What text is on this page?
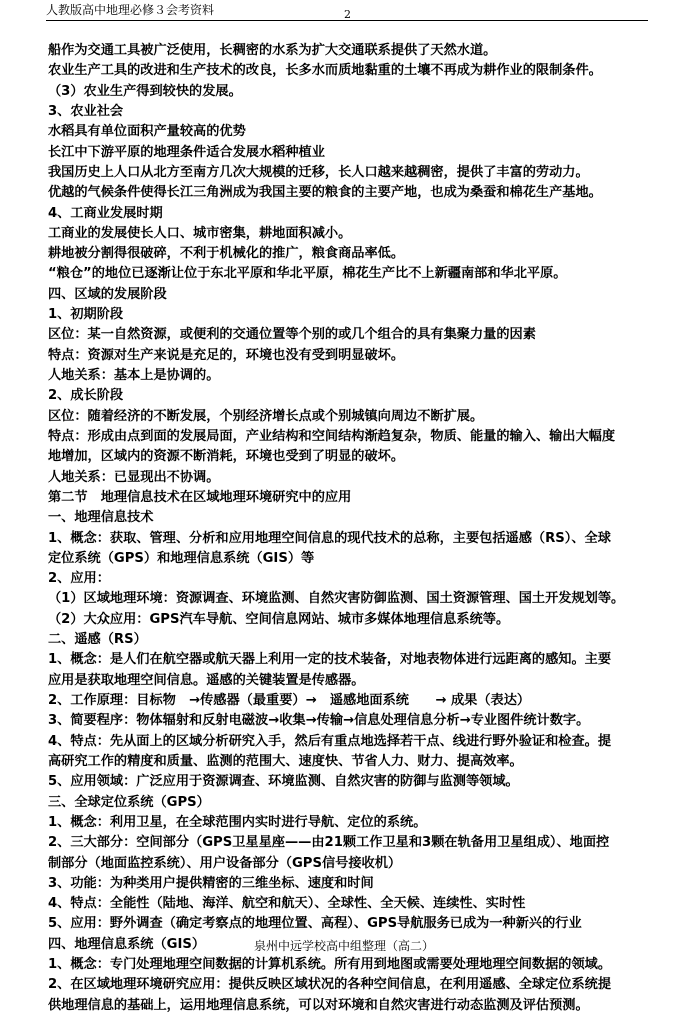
人教版高中地理必修３会考资料	2
船作为交通工具被广泛使用，长稠密的水系为扩大交通联系提供了天然水道。
农业生产工具的改进和生产技术的改良，长多水而质地黏重的土壤不再成为耕作业的限制条件。
（3）农业生产得到较快的发展。
3、农业社会
水稻具有单位面积产量较高的优势
长江中下游平原的地理条件适合发展水稻种植业
我国历史上人口从北方至南方几次大规模的迁移，长人口越来越稠密，提供了丰富的劳动力。
优越的气候条件使得长江三角洲成为我国主要的粮食的主要产地，也成为桑蚕和棉花生产基地。
4、工商业发展时期
工商业的发展使长人口、城市密集，耕地面积减小。
耕地被分割得很破碎，不利于机械化的推广，粮食商品率低。
“粮仓”的地位已逐渐让位于东北平原和华北平原，棉花生产比不上新疆南部和华北平原。
四、区域的发展阶段
1、初期阶段
区位：某一自然资源，或便利的交通位置等个别的或几个组合的具有集聚力量的因素
特点：资源对生产来说是充足的，环境也没有受到明显破坏。
人地关系：基本上是协调的。
2、成长阶段
区位：随着经济的不断发展，个别经济增长点或个别城镇向周边不断扩展。
特点：形成由点到面的发展局面，产业结构和空间结构渐趋复杂，物质、能量的输入、输出大幅度
地增加，区域内的资源不断消耗，环境也受到了明显的破坏。
人地关系：已显现出不协调。
第二节　地理信息技术在区域地理环境研究中的应用
一、地理信息技术
1、概念：获取、管理、分析和应用地理空间信息的现代技术的总称，主要包括遥感（RS）、全球
定位系统（GPS）和地理信息系统（GIS）等
2、应用：
（1）区域地理环境：资源调查、环境监测、自然灾害防御监测、国土资源管理、国土开发规划等。
（2）大众应用：GPS汽车导航、空间信息网站、城市多媒体地理信息系统等。
二、遥感（RS）
1、概念：是人们在航空器或航天器上利用一定的技术装备，对地表物体进行远距离的感知。主要
应用是获取地理空间信息。遥感的关键装置是传感器。
2、工作原理：目标物　→传感器（最重要）→　遥感地面系统　　→ 成果（表达）
3、简要程序：物体辐射和反射电磁波→收集→传输→信息处理信息分析→专业图件统计数字。
4、特点：先从面上的区域分析研究入手，然后有重点地选择若干点、线进行野外验证和检查。提
高研究工作的精度和质量、监测的范围大、速度快、节省人力、财力、提高效率。
5、应用领域：广泛应用于资源调查、环境监测、自然灾害的防御与监测等领域。
三、全球定位系统（GPS）
1、概念：利用卫星，在全球范围内实时进行导航、定位的系统。
2、三大部分：空间部分（GPS卫星星座——由21颗工作卫星和3颗在轨备用卫星组成）、地面控
制部分（地面监控系统）、用户设备部分（GPS信号接收机）
3、功能：为种类用户提供精密的三维坐标、速度和时间
4、特点：全能性（陆地、海洋、航空和航天）、全球性、全天候、连续性、实时性
5、应用：野外调查（确定考察点的地理位置、高程）、GPS导航服务已成为一种新兴的行业
四、地理信息系统（GIS）
1、概念：专门处理地理空间数据的计算机系统。所有用到地图或需要处理地理空间数据的领域。
2、在区域地理环境研究应用：提供反映区域状况的各种空间信息，在利用遥感、全球定位系统提
供地理信息的基础上，运用地理信息系统，可以对环境和自然灾害进行动态监测及评估预测。
泉州中远学校高中组整理（高二）
